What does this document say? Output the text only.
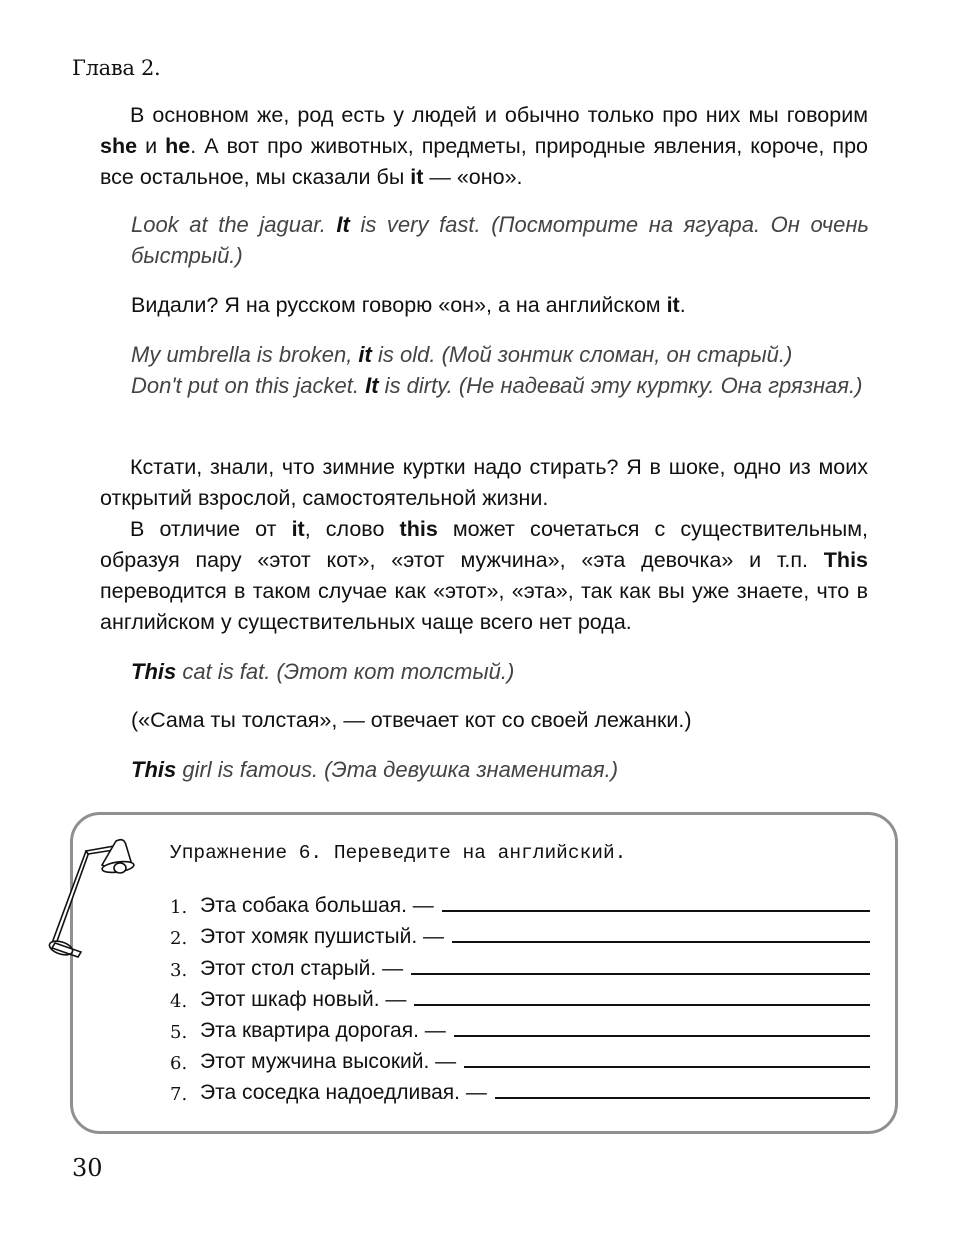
Глава 2.
В основном же, род есть у людей и обычно только про них мы говорим she и he. А вот про животных, предметы, природные явления, короче, про все остальное, мы сказали бы it — «оно».
Look at the jaguar. It is very fast. (Посмотрите на ягуара. Он очень быстрый.)
Видали? Я на русском говорю «он», а на английском it.
My umbrella is broken, it is old. (Мой зонтик сломан, он старый.)
Don't put on this jacket. It is dirty. (Не надевай эту куртку. Она грязная.)
Кстати, знали, что зимние куртки надо стирать? Я в шоке, одно из моих открытий взрослой, самостоятельной жизни.
В отличие от it, слово this может сочетаться с существительным, образуя пару «этот кот», «этот мужчина», «эта девочка» и т.п. This переводится в таком случае как «этот», «эта», так как вы уже знаете, что в английском у существительных чаще всего нет рода.
This cat is fat. (Этот кот толстый.)
(«Сама ты толстая», — отвечает кот со своей лежанки.)
This girl is famous. (Эта девушка знаменитая.)
Упражнение 6. Переведите на английский.
1. Эта собака большая. —
2. Этот хомяк пушистый. —
3. Этот стол старый. —
4. Этот шкаф новый. —
5. Эта квартира дорогая. —
6. Этот мужчина высокий. —
7. Эта соседка надоедливая. —
30
